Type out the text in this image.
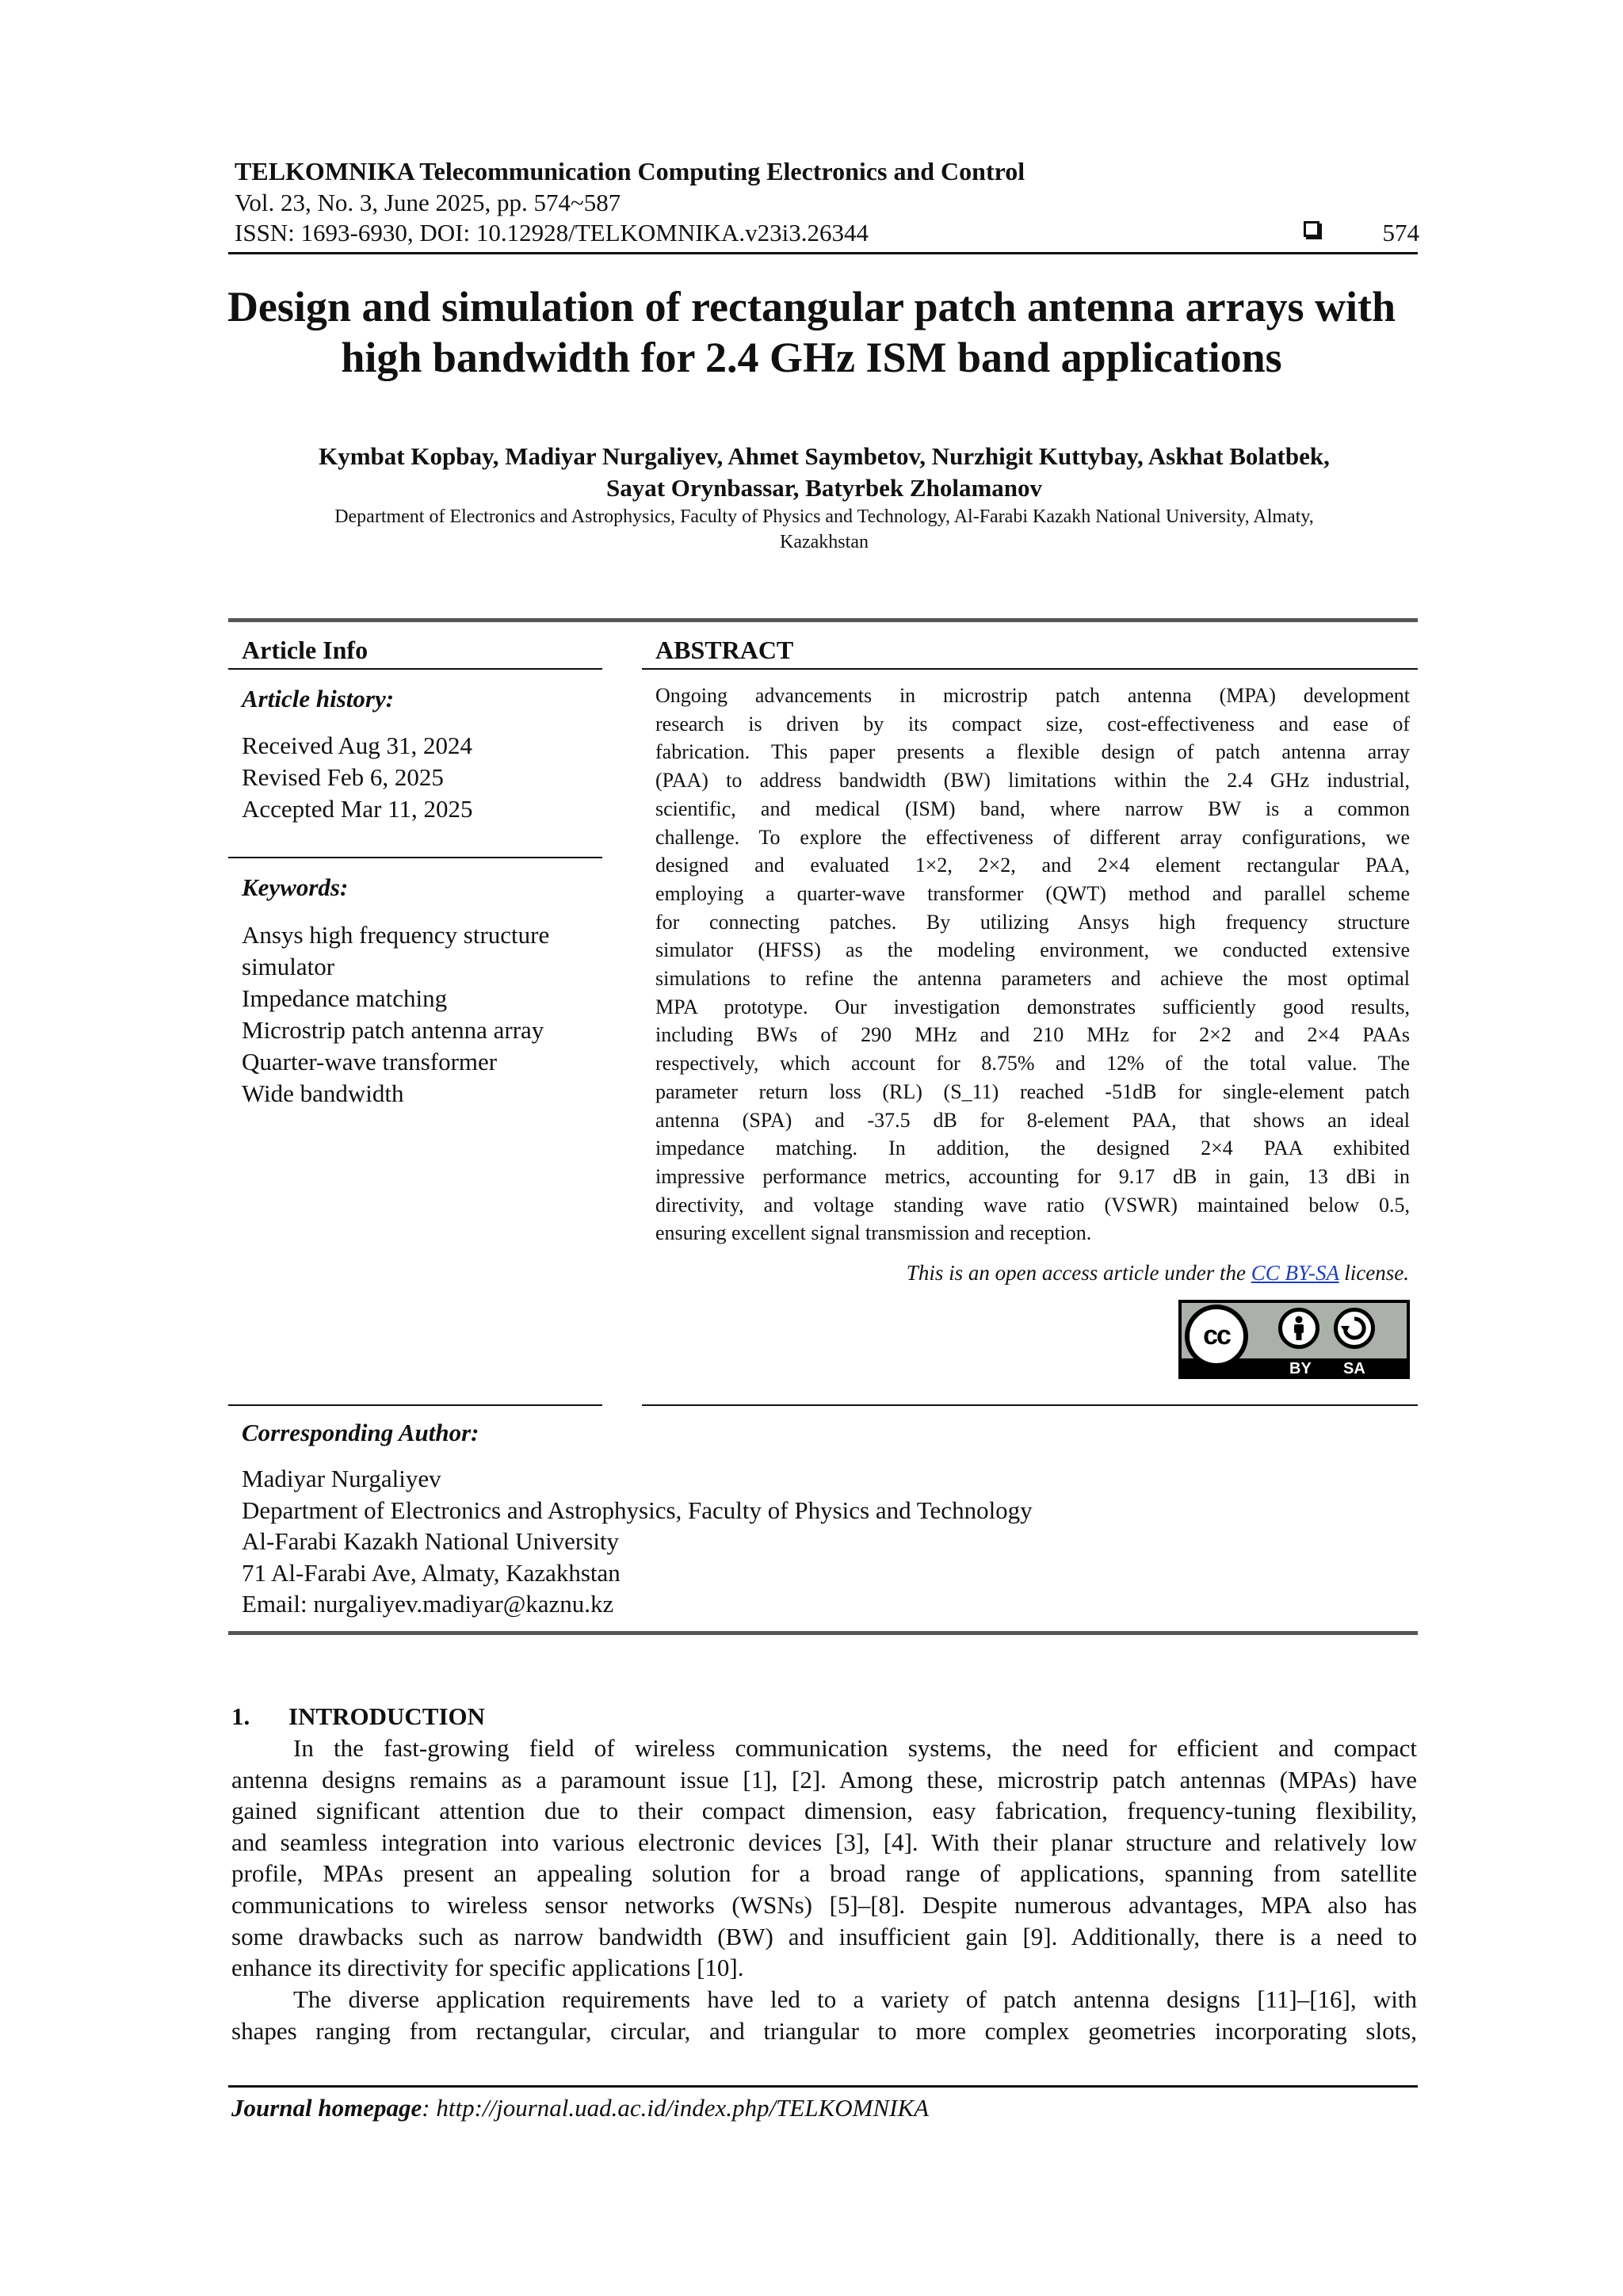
TELKOMNIKA Telecommunication Computing Electronics and Control
Vol. 23, No. 3, June 2025, pp. 574~587
ISSN: 1693-6930, DOI: 10.12928/TELKOMNIKA.v23i3.26344	574
Design and simulation of rectangular patch antenna arrays with high bandwidth for 2.4 GHz ISM band applications
Kymbat Kopbay, Madiyar Nurgaliyev, Ahmet Saymbetov, Nurzhigit Kuttybay, Askhat Bolatbek,
Sayat Orynbassar, Batyrbek Zholamanov
Department of Electronics and Astrophysics, Faculty of Physics and Technology, Al-Farabi Kazakh National University, Almaty,
Kazakhstan
Article Info
Article history:
Received Aug 31, 2024
Revised Feb 6, 2025
Accepted Mar 11, 2025
Keywords:
Ansys high frequency structure
simulator
Impedance matching
Microstrip patch antenna array
Quarter-wave transformer
Wide bandwidth
ABSTRACT
Ongoing advancements in microstrip patch antenna (MPA) development
research is driven by its compact size, cost-effectiveness and ease of
fabrication. This paper presents a flexible design of patch antenna array
(PAA) to address bandwidth (BW) limitations within the 2.4 GHz industrial,
scientific, and medical (ISM) band, where narrow BW is a common
challenge. To explore the effectiveness of different array configurations, we
designed and evaluated 1×2, 2×2, and 2×4 element rectangular PAA,
employing a quarter-wave transformer (QWT) method and parallel scheme
for connecting patches. By utilizing Ansys high frequency structure
simulator (HFSS) as the modeling environment, we conducted extensive
simulations to refine the antenna parameters and achieve the most optimal
MPA prototype. Our investigation demonstrates sufficiently good results,
including BWs of 290 MHz and 210 MHz for 2×2 and 2×4 PAAs
respectively, which account for 8.75% and 12% of the total value. The
parameter return loss (RL) (S_11) reached -51dB for single-element patch
antenna (SPA) and -37.5 dB for 8-element PAA, that shows an ideal
impedance matching. In addition, the designed 2×4 PAA exhibited
impressive performance metrics, accounting for 9.17 dB in gain, 13 dBi in
directivity, and voltage standing wave ratio (VSWR) maintained below 0.5,
ensuring excellent signal transmission and reception.
This is an open access article under the CC BY-SA license.
cc
BY SA
Corresponding Author:
Madiyar Nurgaliyev
Department of Electronics and Astrophysics, Faculty of Physics and Technology
Al-Farabi Kazakh National University
71 Al-Farabi Ave, Almaty, Kazakhstan
Email: nurgaliyev.madiyar@kaznu.kz
1. INTRODUCTION
In the fast-growing field of wireless communication systems, the need for efficient and compact
antenna designs remains as a paramount issue [1], [2]. Among these, microstrip patch antennas (MPAs) have
gained significant attention due to their compact dimension, easy fabrication, frequency-tuning flexibility,
and seamless integration into various electronic devices [3], [4]. With their planar structure and relatively low
profile, MPAs present an appealing solution for a broad range of applications, spanning from satellite
communications to wireless sensor networks (WSNs) [5]–[8]. Despite numerous advantages, MPA also has
some drawbacks such as narrow bandwidth (BW) and insufficient gain [9]. Additionally, there is a need to
enhance its directivity for specific applications [10].
The diverse application requirements have led to a variety of patch antenna designs [11]–[16], with
shapes ranging from rectangular, circular, and triangular to more complex geometries incorporating slots,
Journal homepage: http://journal.uad.ac.id/index.php/TELKOMNIKA
